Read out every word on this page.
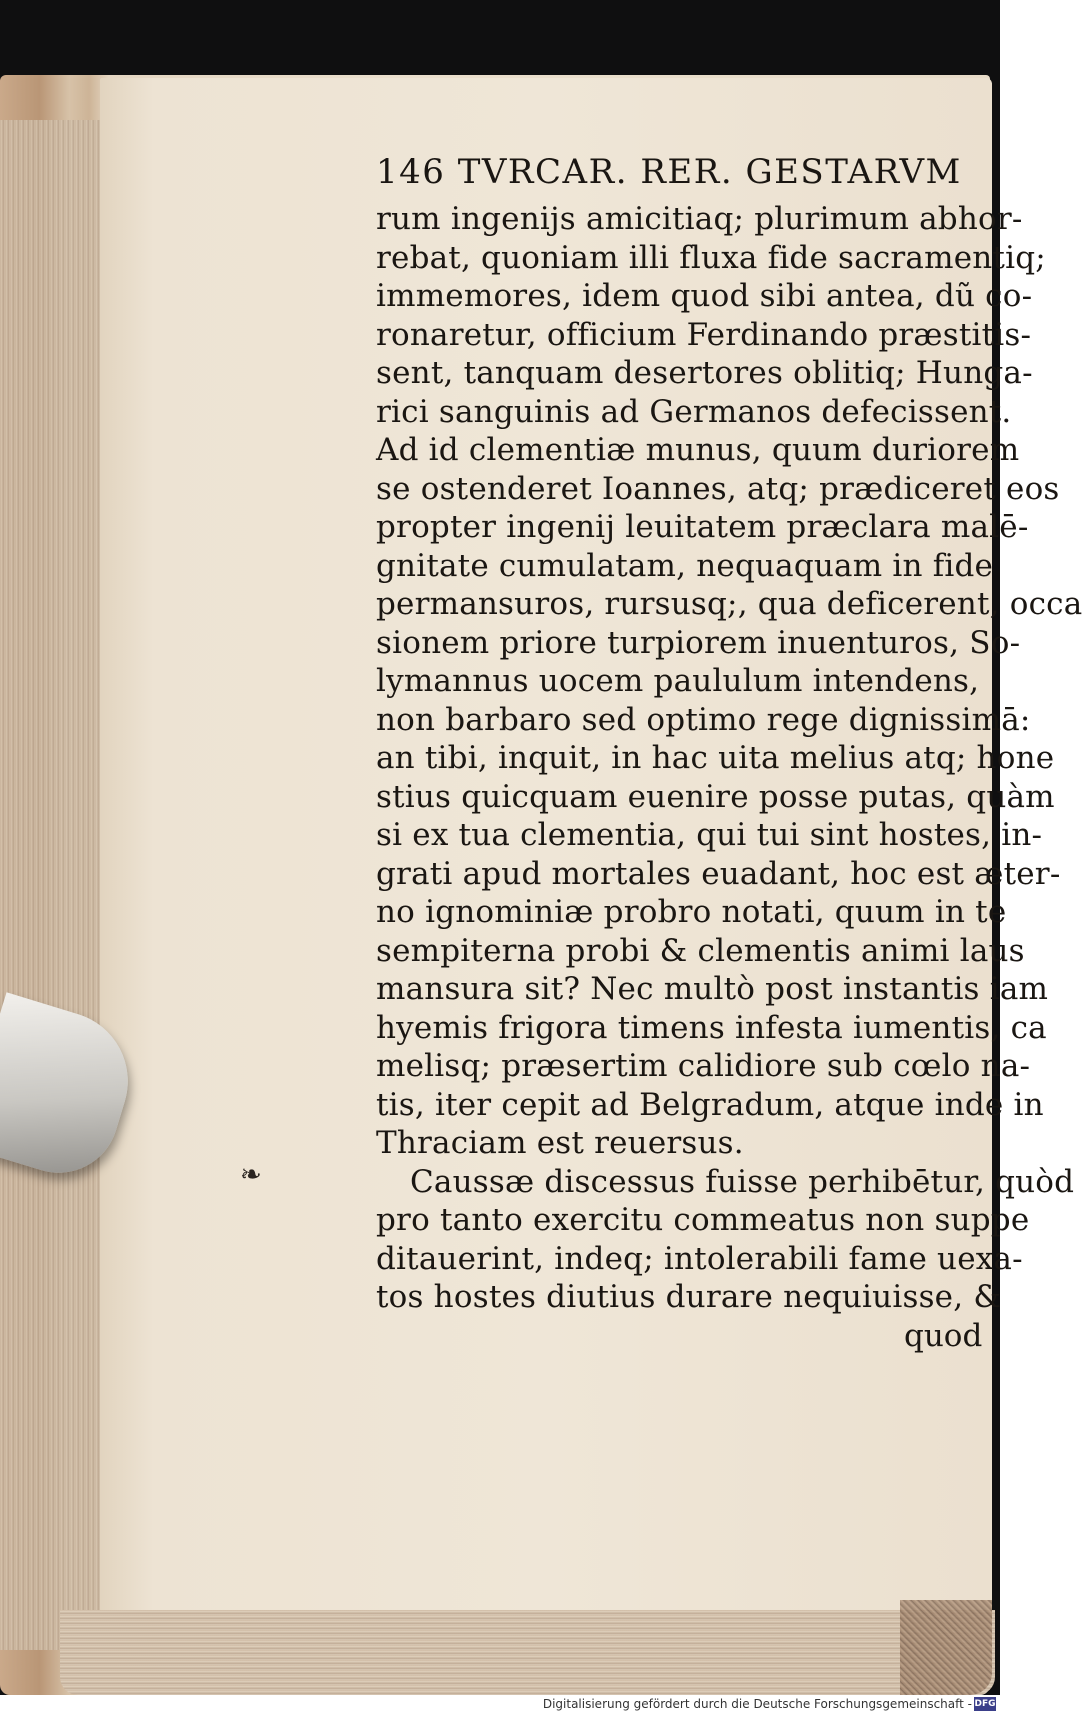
146 TVRCAR. RER. GESTARVM
rum ingenijs amicitiaq; plurimum abhor-
rebat, quoniam illi fluxa fide sacramentiq;
immemores, idem quod sibi antea, dũ co-
ronaretur, officium Ferdinando præstitis-
sent, tanquam desertores oblitiq; Hunga-
rici sanguinis ad Germanos defecissent.
Ad id clementiæ munus, quum duriorem
se ostenderet Ioannes, atq; prædiceret eos
propter ingenij leuitatem præclara malē-
gnitate cumulatam, nequaquam in fide
permansuros, rursusq;, qua deficerent, occa
sionem priore turpiorem inuenturos, So-
lymannus uocem paululum intendens,
non barbaro sed optimo rege dignissimā:
an tibi, inquit, in hac uita melius atq; hone
stius quicquam euenire posse putas, quàm
si ex tua clementia, qui tui sint hostes, in-
grati apud mortales euadant, hoc est æter-
no ignominiæ probro notati, quum in te
sempiterna probi & clementis animi laus
mansura sit? Nec multò post instantis iam
hyemis frigora timens infesta iumentis, ca
melisq; præsertim calidiore sub cœlo na-
tis, iter cepit ad Belgradum, atque inde in
Thraciam est reuersus.
Caussæ discessus fuisse perhibētur, quòd
pro tanto exercitu commeatus non suppe
ditauerint, indeq; intolerabili fame uexa-
tos hostes diutius durare nequiuisse, &
quod
❧
Digitalisierung gefördert durch die Deutsche Forschungsgemeinschaft - DFG
